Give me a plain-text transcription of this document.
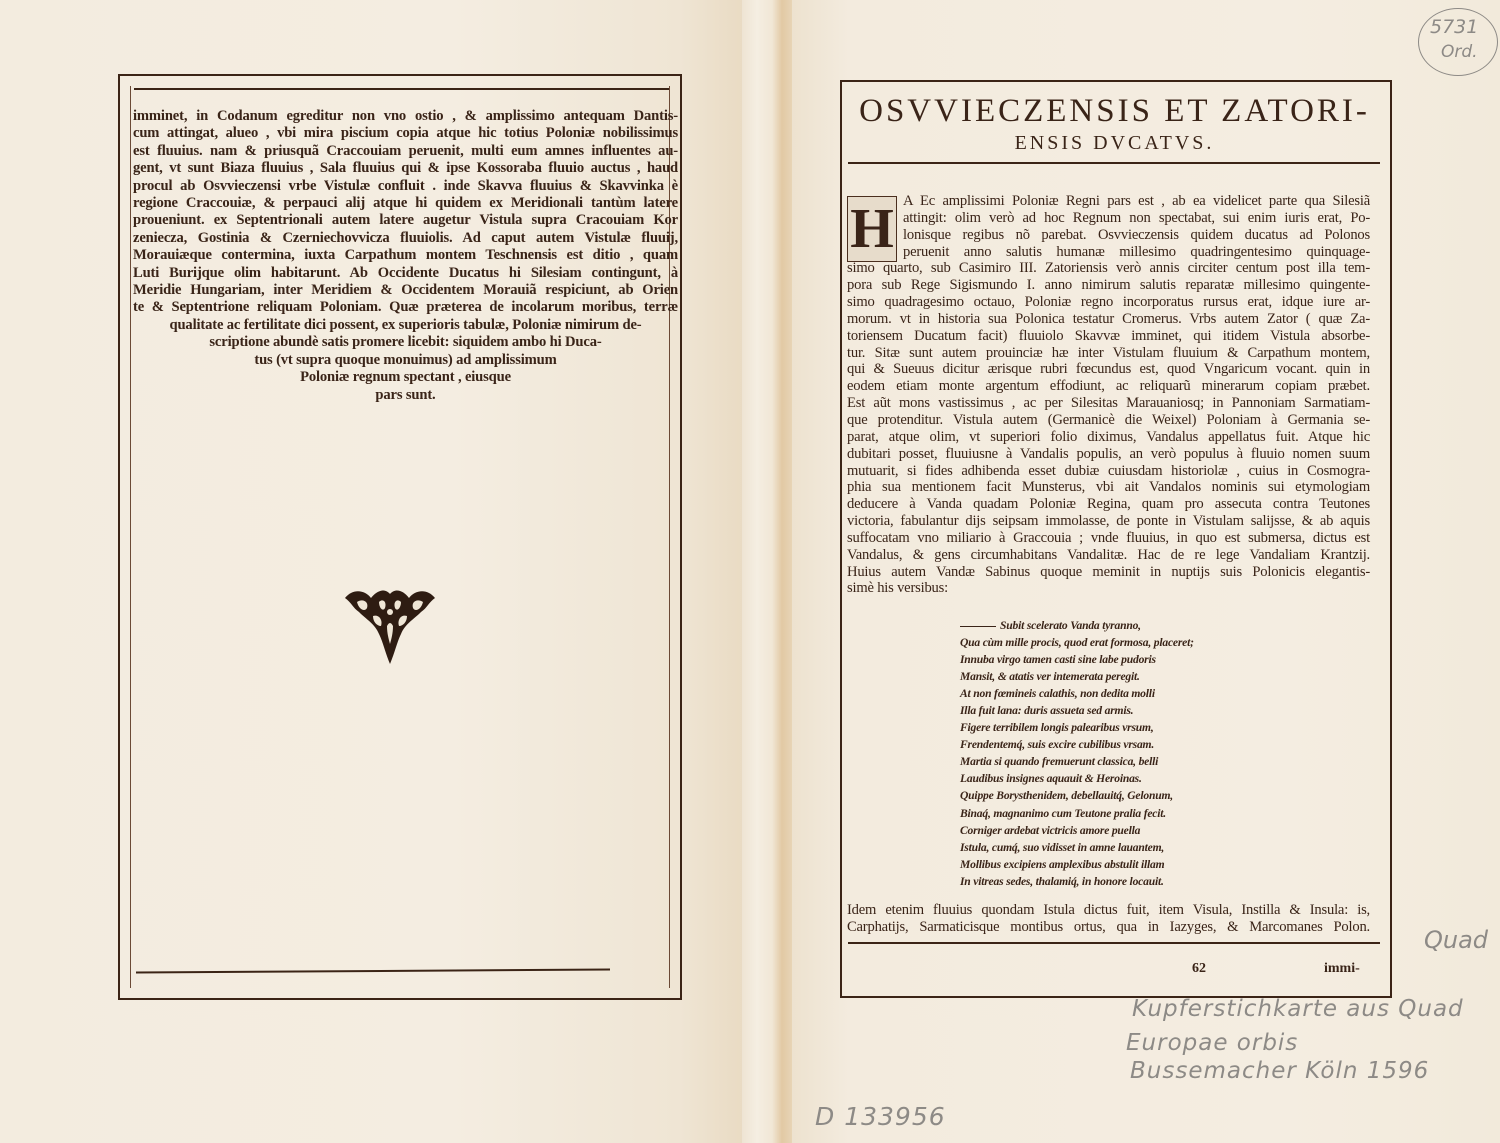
imminet, in Codanum egreditur non vno ostio , & amplissimo antequam Dantis-
cum attingat, alueo , vbi mira piscium copia atque hic totius Poloniæ nobilissimus
est fluuius. nam & priusquã Craccouiam peruenit, multi eum amnes influentes au-
gent, vt sunt Biaza fluuius , Sala fluuius qui & ipse Kossoraba fluuio auctus , haud
procul ab Osvvieczensi vrbe Vistulæ confluit . inde Skavva fluuius & Skavvinka è
regione Craccouiæ, & perpauci alij atque hi quidem ex Meridionali tantùm latere
proueniunt. ex Septentrionali autem latere augetur Vistula supra Cracouiam Kor
zeniecza, Gostinia & Czerniechovvicza fluuiolis. Ad caput autem Vistulæ fluuij,
Morauiæque contermina, iuxta Carpathum montem Teschnensis est ditio , quam
Luti Burijque olim habitarunt. Ab Occidente Ducatus hi Silesiam contingunt, à
Meridie Hungariam, inter Meridiem & Occidentem Morauiã respiciunt, ab Orien
te & Septentrione reliquam Poloniam. Quæ præterea de incolarum moribus, terræ
qualitate ac fertilitate dici possent, ex superioris tabulæ, Poloniæ nimirum de-
scriptione abundè satis promere licebit: siquidem ambo hi Duca-
tus (vt supra quoque monuimus) ad amplissimum
Poloniæ regnum spectant , eiusque
pars sunt.
OSVVIECZENSIS ET ZATORI-
ENSIS DVCATVS.
H A Ec amplissimi Poloniæ Regni pars est , ab ea videlicet parte qua Silesiã
attingit: olim verò ad hoc Regnum non spectabat, sui enim iuris erat, Po-
lonisque regibus nõ parebat. Osvvieczensis quidem ducatus ad Polonos
peruenit anno salutis humanæ millesimo quadringentesimo quinquage-
simo quarto, sub Casimiro III. Zatoriensis verò annis circiter centum post illa tem-
pora sub Rege Sigismundo I. anno nimirum salutis reparatæ millesimo quingente-
simo quadragesimo octauo, Poloniæ regno incorporatus rursus erat, idque iure ar-
morum. vt in historia sua Polonica testatur Cromerus. Vrbs autem Zator ( quæ Za-
toriensem Ducatum facit) fluuiolo Skavvæ imminet, qui itidem Vistula absorbe-
tur. Sitæ sunt autem prouinciæ hæ inter Vistulam fluuium & Carpathum montem,
qui & Sueuus dicitur ærisque rubri fœcundus est, quod Vngaricum vocant. quin in
eodem etiam monte argentum effodiunt, ac reliquarũ minerarum copiam præbet.
Est aũt mons vastissimus , ac per Silesitas Marauaniosq; in Pannoniam Sarmatiam-
que protenditur. Vistula autem (Germanicè die Weixel) Poloniam à Germania se-
parat, atque olim, vt superiori folio diximus, Vandalus appellatus fuit. Atque hic
dubitari posset, fluuiusne à Vandalis populis, an verò populus à fluuio nomen suum
mutuarit, si fides adhibenda esset dubiæ cuiusdam historiolæ , cuius in Cosmogra-
phia sua mentionem facit Munsterus, vbi ait Vandalos nominis sui etymologiam
deducere à Vanda quadam Poloniæ Regina, quam pro assecuta contra Teutones
victoria, fabulantur dijs seipsam immolasse, de ponte in Vistulam salijsse, & ab aquis
suffocatam vno miliario à Graccouia ; vnde fluuius, in quo est submersa, dictus est
Vandalus, & gens circumhabitans Vandalitæ. Hac de re lege Vandaliam Krantzij.
Huius autem Vandæ Sabinus quoque meminit in nuptijs suis Polonicis elegantis-
simè his versibus:
Subit scelerato Vanda tyranno,
Qua cùm mille procis, quod erat formosa, placeret;
Innuba virgo tamen casti sine labe pudoris
Mansit, & atatis ver intemerata peregit.
At non fœmineis calathis, non dedita molli
Illa fuit lana: duris assueta sed armis.
Figere terribilem longis palearibus vrsum,
Frendentemq́, suis excire cubilibus vrsam.
Martia si quando fremuerunt classica, belli
Laudibus insignes aquauit & Heroinas.
Quippe Borysthenidem, debellauitq́, Gelonum,
Binaq́, magnanimo cum Teutone pralia fecit.
Corniger ardebat victricis amore puella
Istula, cumq́, suo vidisset in amne lauantem,
Mollibus excipiens amplexibus abstulit illam
In vitreas sedes, thalamiq́, in honore locauit.
Idem etenim fluuius quondam Istula dictus fuit, item Visula, Instilla & Insula: is,
Carphatijs, Sarmaticisque montibus ortus, qua in Iazyges, & Marcomanes Polon.
62	immi-
5731
Ord.
Quad
Kupferstichkarte aus Quad
Europae orbis
Bussemacher Köln 1596
D 133956
